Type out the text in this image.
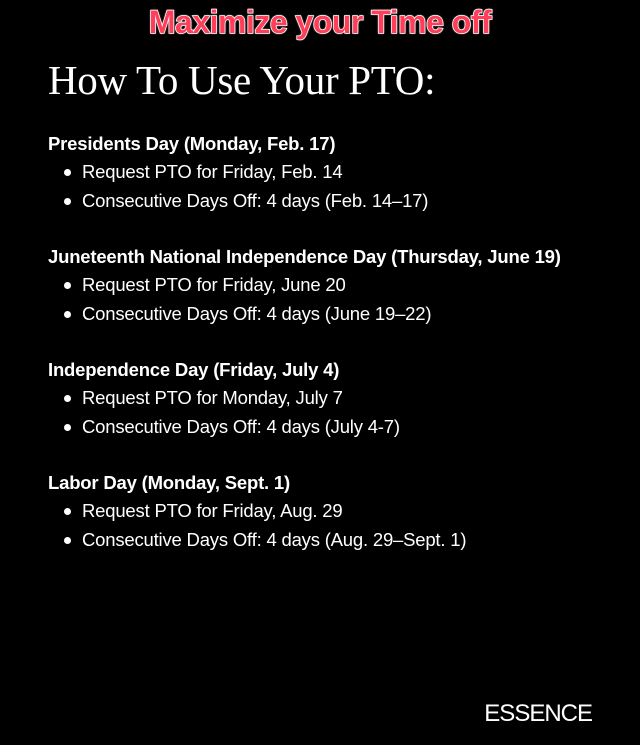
Maximize your Time off
How To Use Your PTO:

Presidents Day (Monday, Feb. 17)

Request PTO for Friday, Feb. 14
Consecutive Days Off: 4 days (Feb. 14–17)

Juneteenth National Independence Day (Thursday, June 19)

Request PTO for Friday, June 20
Consecutive Days Off: 4 days (June 19–22)

Independence Day (Friday, July 4)

Request PTO for Monday, July 7
Consecutive Days Off: 4 days (July 4-7)

Labor Day (Monday, Sept. 1)

Request PTO for Friday, Aug. 29
Consecutive Days Off: 4 days (Aug. 29–Sept. 1)
ESSENCE
